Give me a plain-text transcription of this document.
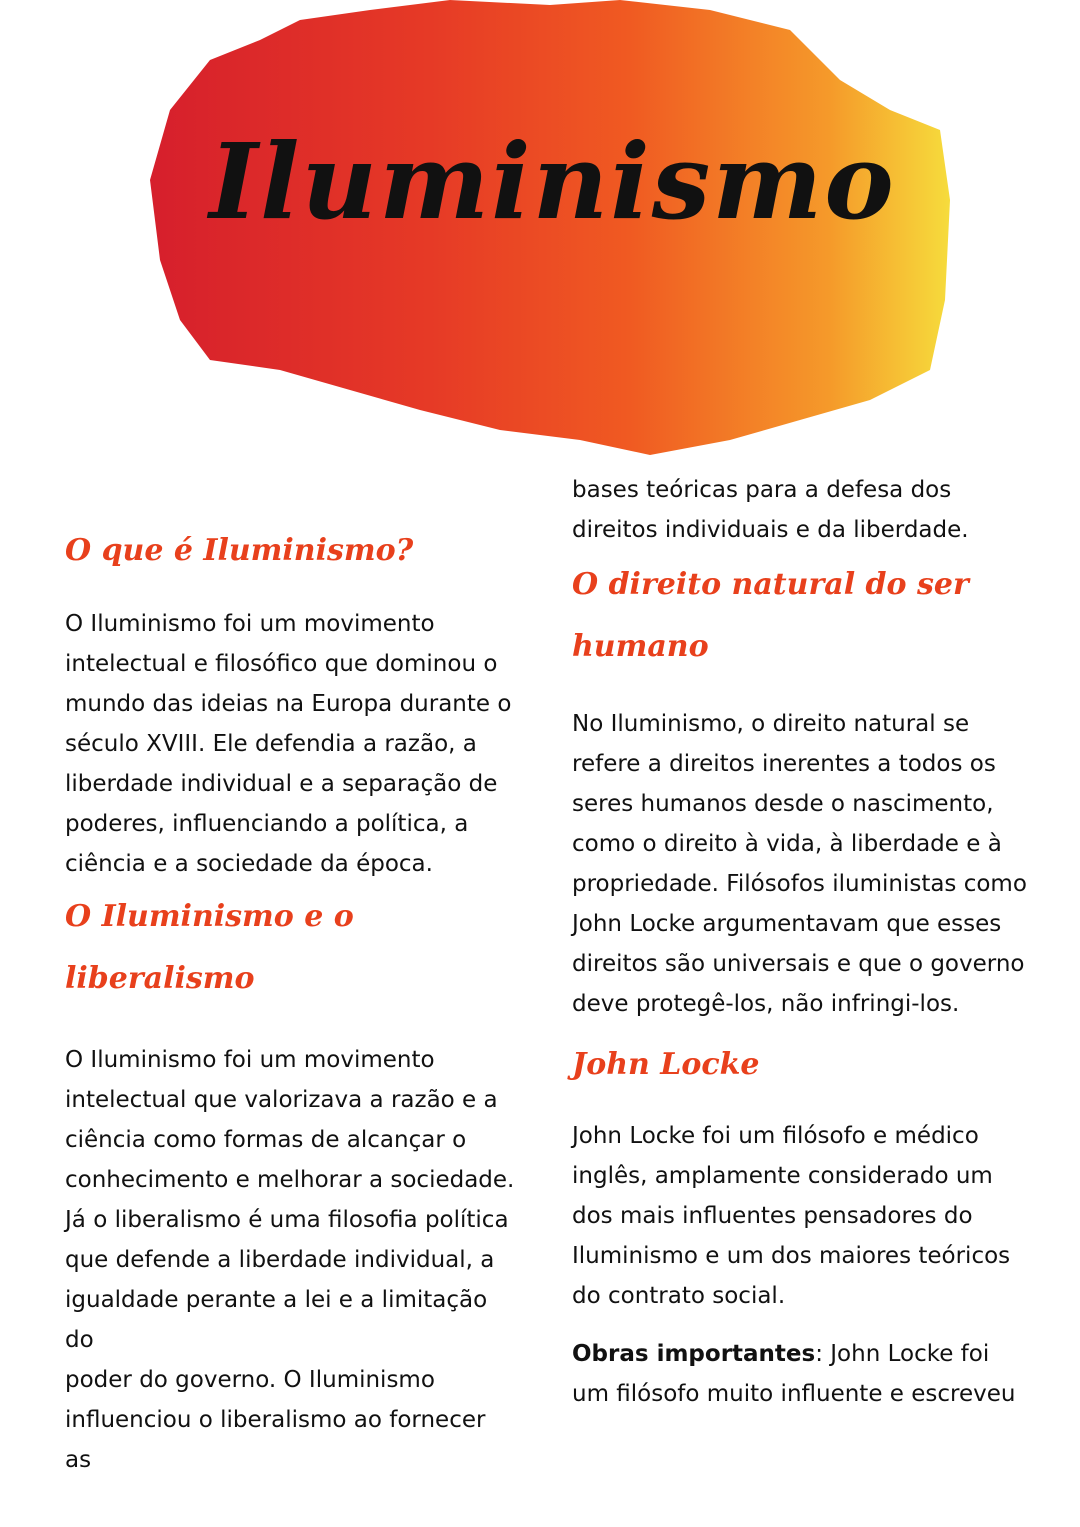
Iluminismo
O que é Iluminismo?

O Iluminismo foi um movimento
intelectual e filosófico que dominou o
mundo das ideias na Europa durante o
século XVIII. Ele defendia a razão, a
liberdade individual e a separação de
poderes, influenciando a política, a
ciência e a sociedade da época.

O Iluminismo e o
liberalismo

O Iluminismo foi um movimento
intelectual que valorizava a razão e a
ciência como formas de alcançar o
conhecimento e melhorar a sociedade.
Já o liberalismo é uma filosofia política
que defende a liberdade individual, a
igualdade perante a lei e a limitação do
poder do governo. O Iluminismo
influenciou o liberalismo ao fornecer as

bases teóricas para a defesa dos
direitos individuais e da liberdade.

O direito natural do ser
humano

No Iluminismo, o direito natural se
refere a direitos inerentes a todos os
seres humanos desde o nascimento,
como o direito à vida, à liberdade e à
propriedade. Filósofos iluministas como
John Locke argumentavam que esses
direitos são universais e que o governo
deve protegê-los, não infringi-los.

John Locke

John Locke foi um filósofo e médico
inglês, amplamente considerado um
dos mais influentes pensadores do
Iluminismo e um dos maiores teóricos
do contrato social.

Obras importantes: John Locke foi
um filósofo muito influente e escreveu
